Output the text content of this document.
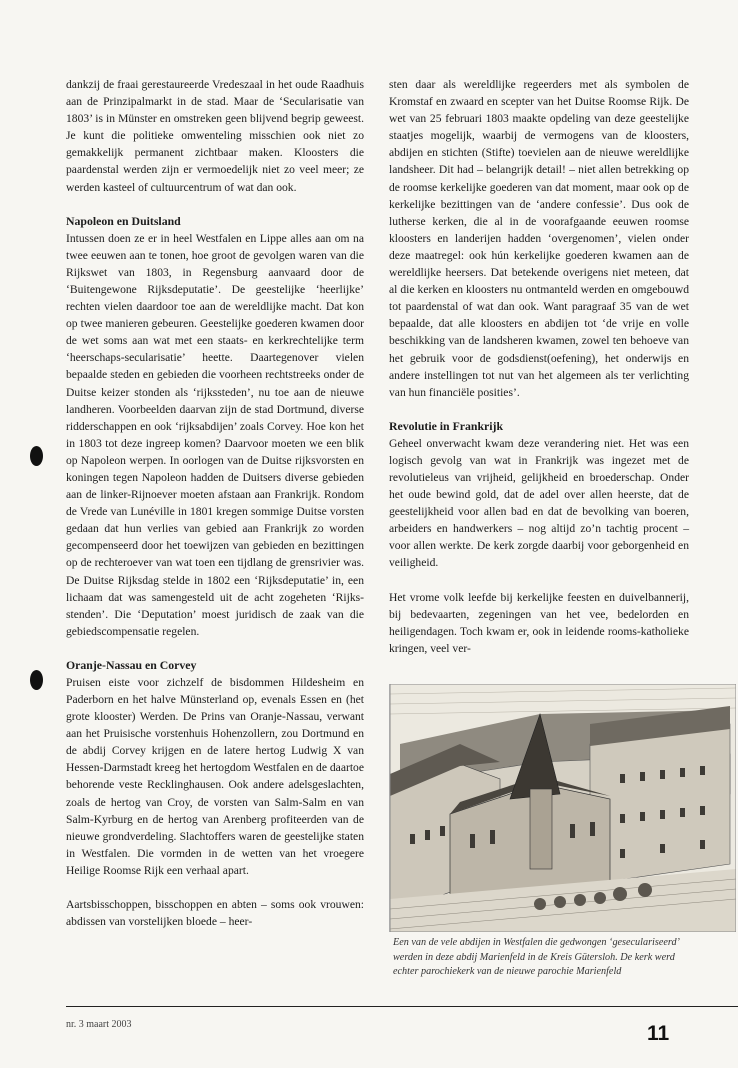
dankzij de fraai gerestaureerde Vredeszaal in het oude Raadhuis aan de Prinzipalmarkt in de stad. Maar de ‘Secularisatie van 1803’ is in Münster en omstreken geen blijvend begrip geweest. Je kunt die politieke omwenteling misschien ook niet zo gemakkelijk permanent zichtbaar maken. Kloosters die paardenstal werden zijn er vermoedelijk niet zo veel meer; ze werden kasteel of cultuurcentrum of wat dan ook.

Napoleon en Duitsland

Intussen doen ze er in heel Westfalen en Lippe alles aan om na twee eeuwen aan te tonen, hoe groot de gevolgen waren van die Rijkswet van 1803, in Regensburg aanvaard door de ‘Buitengewone Rijksdeputatie’. De geestelijke ‘heerlijke’ rechten vielen daardoor toe aan de wereldlijke macht. Dat kon op twee manieren gebeuren. Geestelijke goederen kwamen door de wet soms aan wat met een staats- en kerkrechtelijke term ‘heerschaps-secularisatie’ heette. Daartegenover vielen bepaalde steden en gebieden die voorheen rechtstreeks onder de Duitse keizer stonden als ‘rijkssteden’, nu toe aan de nieuwe landheren. Voorbeelden daarvan zijn de stad Dortmund, diverse ridderschappen en ook ‘rijksabdijen’ zoals Corvey. Hoe kon het in 1803 tot deze ingreep komen? Daarvoor moeten we een blik op Napoleon werpen. In oorlogen van de Duitse rijksvorsten en koningen tegen Napoleon hadden de Duitsers diverse gebieden aan de linker-Rijnoever moeten afstaan aan Frankrijk. Rondom de Vrede van Lunéville in 1801 kregen sommige Duitse vorsten gedaan dat hun verlies van gebied aan Frankrijk zo worden gecompenseerd door het toewijzen van gebieden en bezittingen op de rechteroever van wat toen een tijdlang de grensrivier was. De Duitse Rijksdag stelde in 1802 een ‘Rijksdeputatie’ in, een lichaam dat was samengesteld uit de acht zogeheten ‘Rijks-stenden’. Die ‘Deputation’ moest juridisch de zaak van die gebiedscompensatie regelen.

Oranje-Nassau en Corvey

Pruisen eiste voor zichzelf de bisdommen Hildesheim en Paderborn en het halve Münsterland op, evenals Essen en (het grote klooster) Werden. De Prins van Oranje-Nassau, verwant aan het Pruisische vorstenhuis Hohenzollern, zou Dortmund en de abdij Corvey krijgen en de latere hertog Ludwig X van Hessen-Darmstadt kreeg het hertogdom Westfalen en de daartoe behorende veste Recklinghausen. Ook andere adelsgeslachten, zoals de hertog van Croy, de vorsten van Salm-Salm en van Salm-Kyrburg en de hertog van Arenberg profiteerden van de nieuwe grondverdeling. Slachtoffers waren de geestelijke staten in Westfalen. Die vormden in de wetten van het vroegere Heilige Roomse Rijk een verhaal apart.

Aartsbisschoppen, bisschoppen en abten – soms ook vrouwen: abdissen van vorstelijken bloede – heer-

sten daar als wereldlijke regeerders met als symbolen de Kromstaf en zwaard en scepter van het Duitse Roomse Rijk. De wet van 25 februari 1803 maakte opdeling van deze geestelijke staatjes mogelijk, waarbij de vermogens van de kloosters, abdijen en stichten (Stifte) toevielen aan de nieuwe wereldlijke landsheer. Dit had – belangrijk detail! – niet allen betrekking op de roomse kerkelijke goederen van dat moment, maar ook op de kerkelijke bezittingen van de ‘andere confessie’. Dus ook de lutherse kerken, die al in de voorafgaande eeuwen roomse kloosters en landerijen hadden ‘overgenomen’, vielen onder deze maatregel: ook hún kerkelijke goederen kwamen aan de wereldlijke heersers. Dat betekende overigens niet meteen, dat al die kerken en kloosters nu ontmanteld werden en omgebouwd tot paardenstal of wat dan ook. Want paragraaf 35 van de wet bepaalde, dat alle kloosters en abdijen tot ‘de vrije en volle beschikking van de landsheren kwamen, zowel ten behoeve van het gebruik voor de godsdienst(oefening), het onderwijs en andere instellingen tot nut van het algemeen als ter verlichting van hun financiële posities’.

Revolutie in Frankrijk

Geheel onverwacht kwam deze verandering niet. Het was een logisch gevolg van wat in Frankrijk was ingezet met de revolutieleus van vrijheid, gelijkheid en broederschap. Onder het oude bewind gold, dat de adel over allen heerste, dat de geestelijkheid voor allen bad en dat de bevolking van boeren, arbeiders en handwerkers – nog altijd zo’n tachtig procent – voor allen werkte. De kerk zorgde daarbij voor geborgenheid en veiligheid.

Het vrome volk leefde bij kerkelijke feesten en duivelbannerij, bij bedevaarten, zegeningen van het vee, bedelorden en heiligendagen. Toch kwam er, ook in leidende rooms-katholieke kringen, veel ver-

Een van de vele abdijen in Westfalen die gedwongen ‘geseculariseerd’ werden in deze abdij Marienfeld in de Kreis Gütersloh. De kerk werd echter parochiekerk van de nieuwe parochie Marienfeld
nr. 3 maart 2003	11
